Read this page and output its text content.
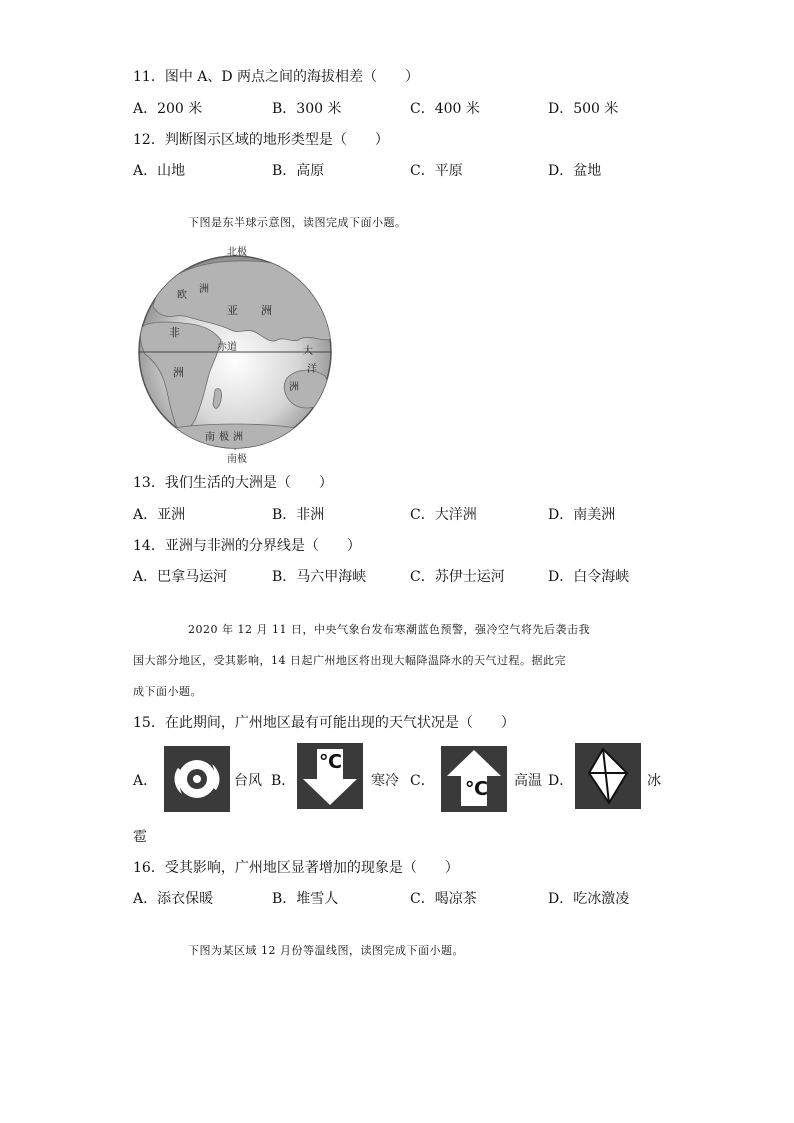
11．图中 A、D 两点之间的海拔相差（　　）
A．200 米	B．300 米	C．400 米	D．500 米
12．判断图示区域的地形类型是（　　）
A．山地	B．高原	C．平原	D．盆地
下图是东半球示意图，读图完成下面小题。
北极
南极
赤道
欧
洲
亚 洲
非
洲
大
洋
洲
南极洲
13．我们生活的大洲是（　　）
A．亚洲	B．非洲	C．大洋洲	D．南美洲
14．亚洲与非洲的分界线是（　　）
A．巴拿马运河	B．马六甲海峡	C．苏伊士运河	D．白令海峡
2020 年 12 月 11 日，中央气象台发布寒潮蓝色预警，强冷空气将先后袭击我
国大部分地区，受其影响，14 日起广州地区将出现大幅降温降水的天气过程。据此完
成下面小题。
15．在此期间，广州地区最有可能出现的天气状况是（　　）
A．	台风 B．
℃
寒冷 C． ℃ 高温 D．	冰
雹
16．受其影响，广州地区显著增加的现象是（　　）
A．添衣保暖	B．堆雪人	C．喝凉茶	D．吃冰激凌
下图为某区域 12 月份等温线图，读图完成下面小题。
